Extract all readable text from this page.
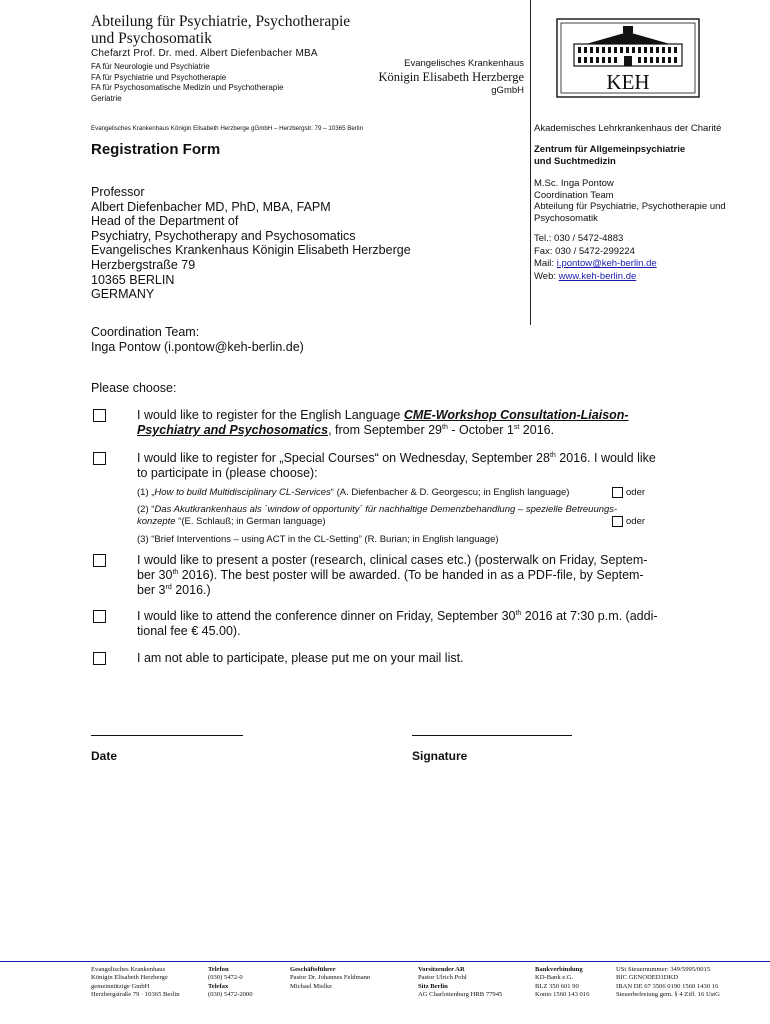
Abteilung für Psychiatrie, Psychotherapie
und Psychosomatik
Chefarzt Prof. Dr. med. Albert Diefenbacher MBA
FA für Neurologie und Psychiatrie
FA für Psychiatrie und Psychotherapie
FA für Psychosomatische Medizin und Psychotherapie
Geriatrie
Evangelisches Krankenhaus
Königin Elisabeth Herzberge
gGmbH	KEH
Evangelisches Krankenhaus Königin Elisabeth Herzberge gGmbH – Herzbergstr. 79 – 10365 Berlin	Akademisches Lehrkrankenhaus der Charité
Registration Form
Professor
Albert Diefenbacher MD, PhD, MBA, FAPM
Head of the Department of
Psychiatry, Psychotherapy and Psychosomatics
Evangelisches Krankenhaus Königin Elisabeth Herzberge
Herzbergstraße 79
10365 BERLIN
GERMANY
Zentrum für Allgemeinpsychiatrie
und Suchtmedizin
M.Sc. Inga Pontow
Coordination Team
Abteilung für Psychiatrie, Psychotherapie und Psychosomatik
Tel.: 030 / 5472-4883
Fax: 030 / 5472-299224
Mail: i.pontow@keh-berlin.de
Web: www.keh-berlin.de
Coordination Team:
Inga Pontow (i.pontow@keh-berlin.de)
Please choose:
I would like to register for the English Language CME-Workshop Consultation-Liaison-
Psychiatry and Psychosomatics, from September 29th - October 1st 2016.
I would like to register for „Special Courses“ on Wednesday, September 28th 2016. I would like
to participate in (please choose):
(1) „How to build Multidisciplinary CL-Services“ (A. Diefenbacher & D. Georgescu; in English language)	oder
(2) “Das Akutkrankenhaus als ´window of opportunity´ für nachhaltige Demenzbehandlung – spezielle Betreuungs-
konzepte “(E. Schlauß; in German language)	oder
(3) “Brief Interventions – using ACT in the CL-Setting” (R. Burian; in English language)
I would like to present a poster (research, clinical cases etc.) (posterwalk on Friday, Septem-
ber 30th 2016). The best poster will be awarded. (To be handed in as a PDF-file, by Septem-
ber 3rd 2016.)
I would like to attend the conference dinner on Friday, September 30th 2016 at 7:30 p.m. (addi-
tional fee € 45.00).
I am not able to participate, please put me on your mail list.
Date	Signature
Evangelisches Krankenhaus
Königin Elisabeth Herzberge
gemeinnützige GmbH
Herzbergstraße 79 · 10365 Berlin
Telefon
(030) 5472-0
Telefax
(030) 5472-2000
Geschäftsführer
Pastor Dr. Johannes Feldmann
Michael Mielke
Vorsitzender AR
Pastor Ulrich Pohl
Sitz Berlin
AG Charlottenburg HRB 77945
Bankverbindung
KD-Bank e.G.
BLZ 350 601 90
Konto 1560 143 016
USt Steuernummer: 349/5995/0015
BIC GENODED1DKD
IBAN DE 67 3506 0190 1560 1430 16
Steuerbefreiung gem. § 4 Ziff. 16 UstG
